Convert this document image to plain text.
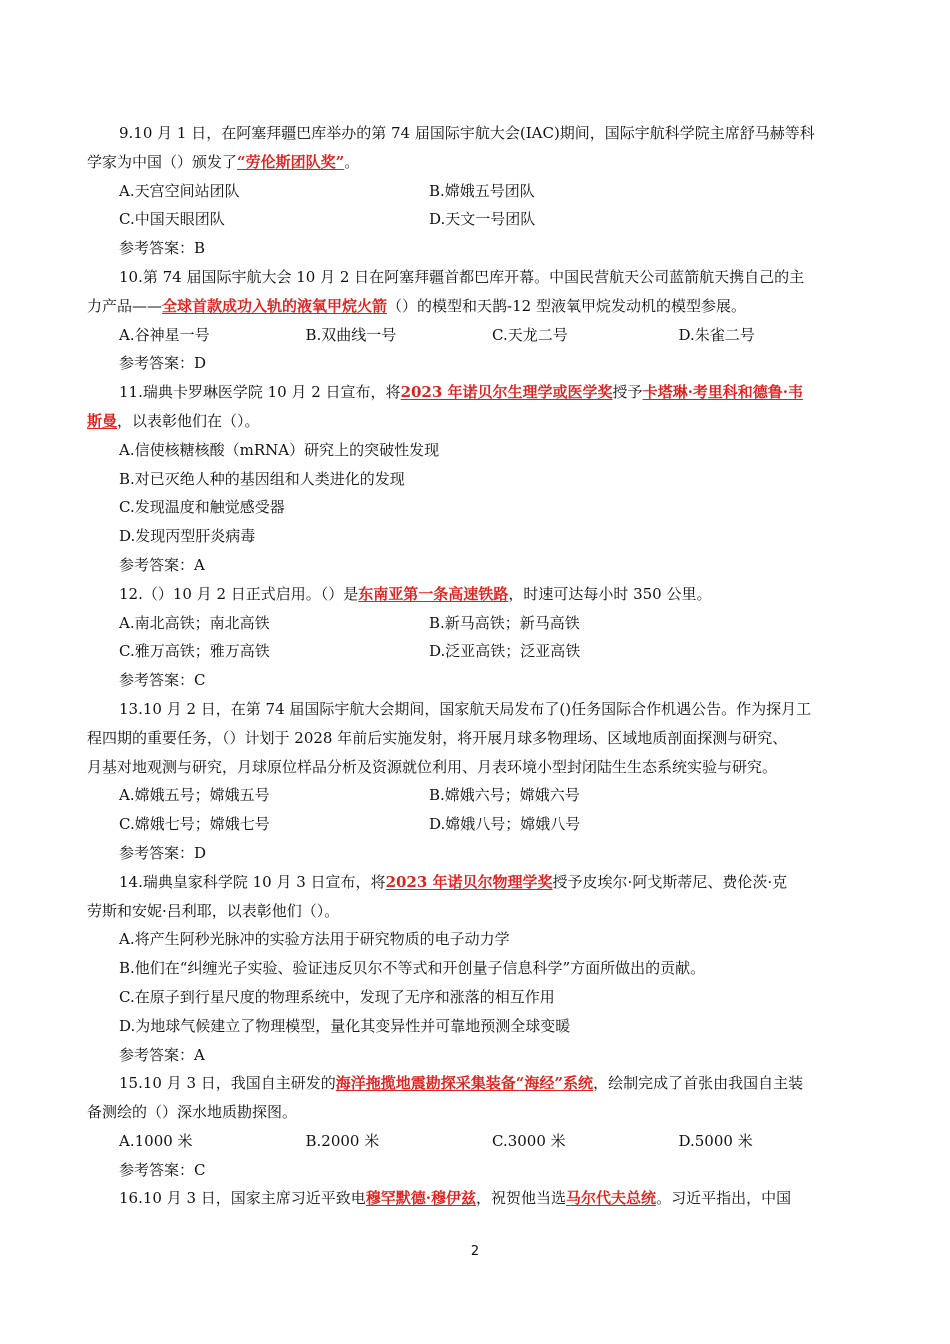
9.10 月 1 日，在阿塞拜疆巴库举办的第 74 届国际宇航大会(IAC)期间，国际宇航科学院主席舒马赫等科

学家为中国（）颁发了“劳伦斯团队奖”。

A.天宫空间站团队	B.嫦娥五号团队
C.中国天眼团队	D.天文一号团队

参考答案：B

10.第 74 届国际宇航大会 10 月 2 日在阿塞拜疆首都巴库开幕。中国民营航天公司蓝箭航天携自己的主

力产品——全球首款成功入轨的液氧甲烷火箭（）的模型和天鹊-12 型液氧甲烷发动机的模型参展。

A.谷神星一号	B.双曲线一号	C.天龙二号	D.朱雀二号

参考答案：D

11.瑞典卡罗琳医学院 10 月 2 日宣布，将2023 年诺贝尔生理学或医学奖授予卡塔琳·考里科和德鲁·韦

斯曼，以表彰他们在（）。

A.信使核糖核酸（mRNA）研究上的突破性发现

B.对已灭绝人种的基因组和人类进化的发现

C.发现温度和触觉感受器

D.发现丙型肝炎病毒

参考答案：A

12.（）10 月 2 日正式启用。（）是东南亚第一条高速铁路，时速可达每小时 350 公里。

A.南北高铁；南北高铁	B.新马高铁；新马高铁
C.雅万高铁；雅万高铁	D.泛亚高铁；泛亚高铁

参考答案：C

13.10 月 2 日，在第 74 届国际宇航大会期间，国家航天局发布了()任务国际合作机遇公告。作为探月工

程四期的重要任务，（）计划于 2028 年前后实施发射，将开展月球多物理场、区域地质剖面探测与研究、

月基对地观测与研究，月球原位样品分析及资源就位利用、月表环境小型封闭陆生生态系统实验与研究。

A.嫦娥五号；嫦娥五号	B.嫦娥六号；嫦娥六号
C.嫦娥七号；嫦娥七号	D.嫦娥八号；嫦娥八号

参考答案：D

14.瑞典皇家科学院 10 月 3 日宣布，将2023 年诺贝尔物理学奖授予皮埃尔·阿戈斯蒂尼、费伦茨·克

劳斯和安妮·吕利耶，以表彰他们（）。

A.将产生阿秒光脉冲的实验方法用于研究物质的电子动力学

B.他们在“纠缠光子实验、验证违反贝尔不等式和开创量子信息科学”方面所做出的贡献。

C.在原子到行星尺度的物理系统中，发现了无序和涨落的相互作用

D.为地球气候建立了物理模型，量化其变异性并可靠地预测全球变暖

参考答案：A

15.10 月 3 日，我国自主研发的海洋拖揽地震勘探采集装备“海经”系统，绘制完成了首张由我国自主装

备测绘的（）深水地质勘探图。

A.1000 米	B.2000 米	C.3000 米	D.5000 米

参考答案：C

16.10 月 3 日，国家主席习近平致电穆罕默德·穆伊兹，祝贺他当选马尔代夫总统。习近平指出，中国

2
